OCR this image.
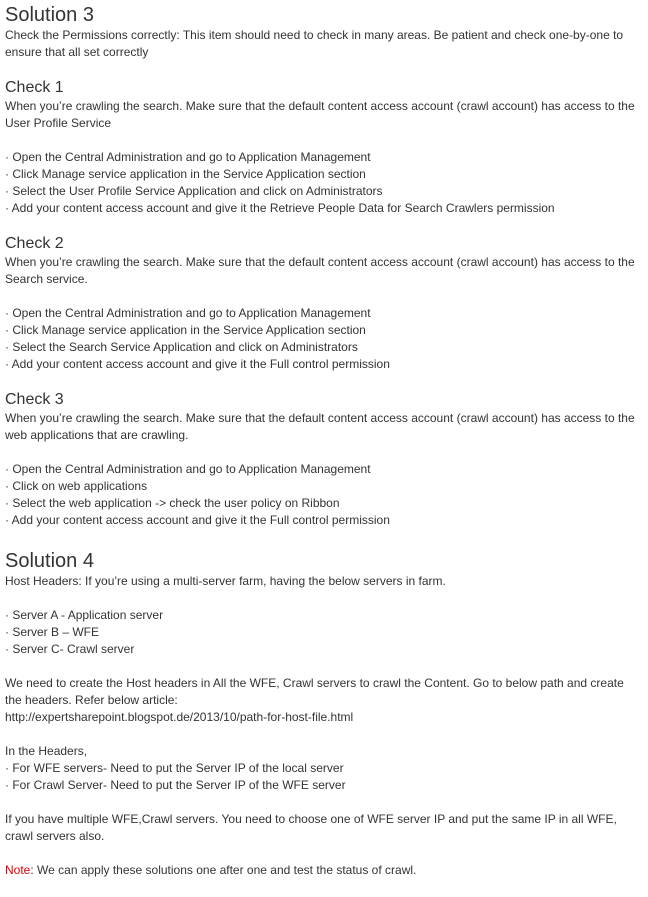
Solution 3

Check the Permissions correctly: This item should need to check in many areas. Be patient and check one-by-one to ensure that all set correctly

Check 1

When you’re crawling the search. Make sure that the default content access account (crawl account) has access to the User Profile Service

· Open the Central Administration and go to Application Management
· Click Manage service application in the Service Application section
· Select the User Profile Service Application and click on Administrators
· Add your content access account and give it the Retrieve People Data for Search Crawlers permission
Check 2

When you’re crawling the search. Make sure that the default content access account (crawl account) has access to the Search service.

· Open the Central Administration and go to Application Management
· Click Manage service application in the Service Application section
· Select the Search Service Application and click on Administrators
· Add your content access account and give it the Full control permission
Check 3

When you’re crawling the search. Make sure that the default content access account (crawl account) has access to the web applications that are crawling.

· Open the Central Administration and go to Application Management
· Click on web applications
· Select the web application -> check the user policy on Ribbon
· Add your content access account and give it the Full control permission
Solution 4

Host Headers: If you’re using a multi-server farm, having the below servers in farm.

· Server A - Application server
· Server B – WFE
· Server C- Crawl server

We need to create the Host headers in All the WFE, Crawl servers to crawl the Content. Go to below path and create the headers. Refer below article:

http://expertsharepoint.blogspot.de/2013/10/path-for-host-file.html

In the Headers,

· For WFE servers- Need to put the Server IP of the local server
· For Crawl Server- Need to put the Server IP of the WFE server

If you have multiple WFE,Crawl servers. You need to choose one of WFE server IP and put the same IP in all WFE, crawl servers also.

Note: We can apply these solutions one after one and test the status of crawl.
